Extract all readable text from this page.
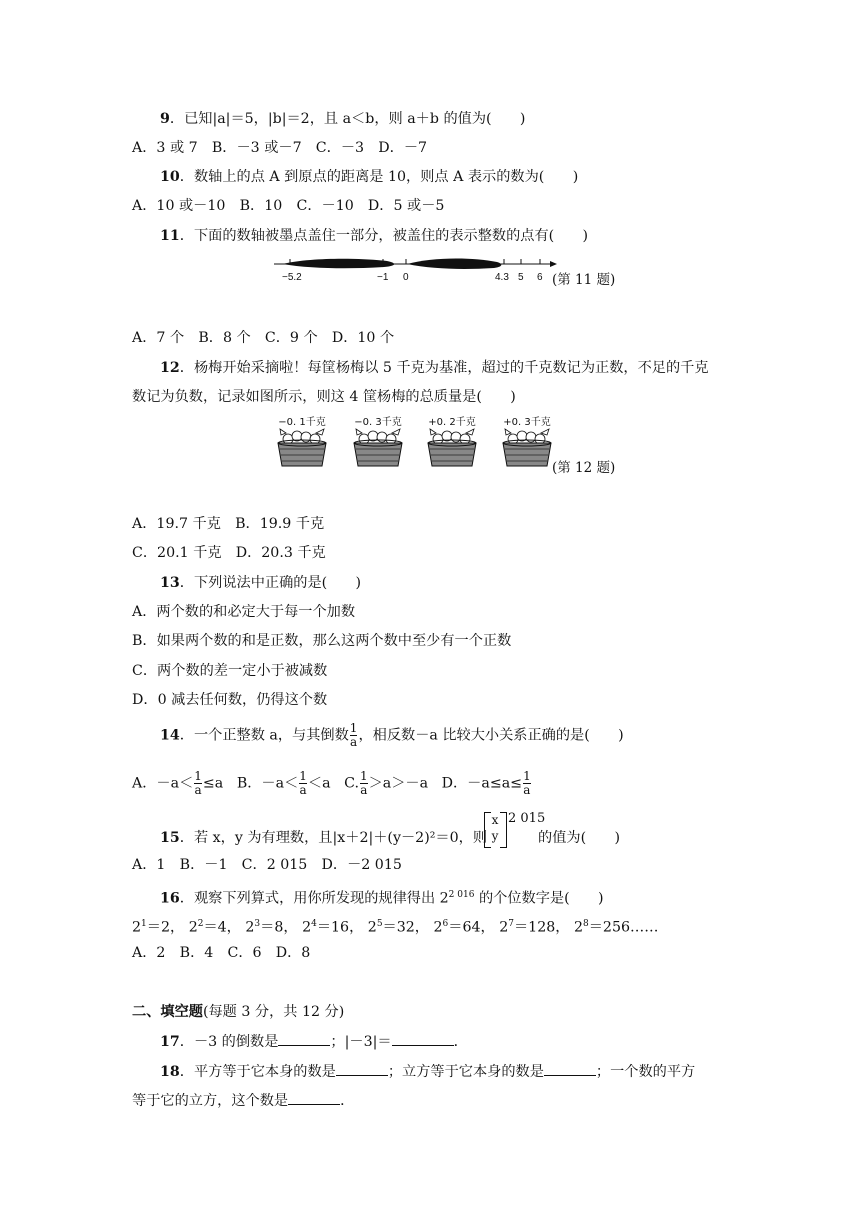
9．已知|a|＝5，|b|＝2，且 a＜b，则 a＋b 的值为(　　)
A．3 或 7　B．－3 或－7　C．－3　D．－7
10．数轴上的点 A 到原点的距离是 10，则点 A 表示的数为(　　)
A．10 或－10　B．10　C．－10　D．5 或－5
11．下面的数轴被墨点盖住一部分，被盖住的表示整数的点有(　　)
−5.2	−1 0	4.3 5 6 (第 11 题)
A．7 个　B．8 个　C．9 个　D．10 个
12．杨梅开始采摘啦！每筐杨梅以 5 千克为基准，超过的千克数记为正数，不足的千克
数记为负数，记录如图所示，则这 4 筐杨梅的总质量是(　　)
−0. 1千克	−0. 3千克	+0. 2千克	+0. 3千克
(第 12 题)
A．19.7 千克　B．19.9 千克
C．20.1 千克　D．20.3 千克
13．下列说法中正确的是(　　)
A．两个数的和必定大于每一个加数
B．如果两个数的和是正数，那么这两个数中至少有一个正数
C．两个数的差一定小于被减数
D．0 减去任何数，仍得这个数
14．一个正整数 a，与其倒数 $\frac{1}{a}$ ，相反数－a 比较大小关系正确的是(　　)
A．$-a< \frac{1}{a} \le a$ B．$-a< \frac{1}{a} <a$ C. $\frac{1}{a} >a>-a$ D．$-a\le a\le \frac{1}{a}$
15．若 x，y 为有理数，且|x＋2|＋(y－2)²＝0，则
x
y
2 015
的值为(　　)
A．1　B．－1　C．2 015　D．－2 015
16．观察下列算式，用你所发现的规律得出 $2^{2 016}$ 的个位数字是(　　)
$2^1=2$， $2^2=4$， $2^3=8$， $2^4=16$， $2^5=32$， $2^6=64$， $2^7=128$， $2^8=256\dots\dots$
A．2　B．4　C．6　D．8
二、填空题(每题 3 分，共 12 分)
17．－3 的倒数是	；|－3|＝	．
18．平方等于它本身的数是	；立方等于它本身的数是	；一个数的平方
等于它的立方，这个数是	．
